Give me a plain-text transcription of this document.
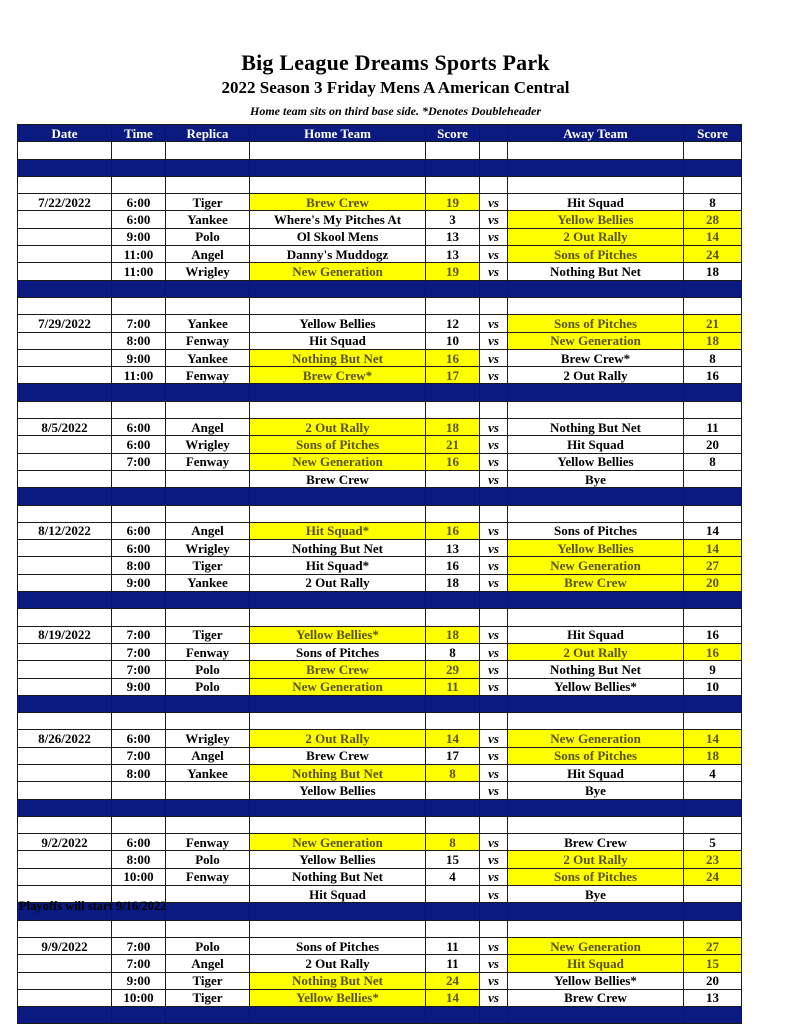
Big League Dreams Sports Park
2022 Season 3 Friday Mens A American Central
Home team sits on third base side. *Denotes Doubleheader
Date	Time	Replica	Home Team	Score		Away Team	Score

7/22/2022	6:00	Tiger	Brew Crew	19	vs	Hit Squad	8
	6:00	Yankee	Where's My Pitches At	3	vs	Yellow Bellies	28
	9:00	Polo	Ol Skool Mens	13	vs	2 Out Rally	14
	11:00	Angel	Danny's Muddogz	13	vs	Sons of Pitches	24
	11:00	Wrigley	New Generation	19	vs	Nothing But Net	18

7/29/2022	7:00	Yankee	Yellow Bellies	12	vs	Sons of Pitches	21
	8:00	Fenway	Hit Squad	10	vs	New Generation	18
	9:00	Yankee	Nothing But Net	16	vs	Brew Crew*	8
	11:00	Fenway	Brew Crew*	17	vs	2 Out Rally	16

8/5/2022	6:00	Angel	2 Out Rally	18	vs	Nothing But Net	11
	6:00	Wrigley	Sons of Pitches	21	vs	Hit Squad	20
	7:00	Fenway	New Generation	16	vs	Yellow Bellies	8
			Brew Crew		vs	Bye	

8/12/2022	6:00	Angel	Hit Squad*	16	vs	Sons of Pitches	14
	6:00	Wrigley	Nothing But Net	13	vs	Yellow Bellies	14
	8:00	Tiger	Hit Squad*	16	vs	New Generation	27
	9:00	Yankee	2 Out Rally	18	vs	Brew Crew	20

8/19/2022	7:00	Tiger	Yellow Bellies*	18	vs	Hit Squad	16
	7:00	Fenway	Sons of Pitches	8	vs	2 Out Rally	16
	7:00	Polo	Brew Crew	29	vs	Nothing But Net	9
	9:00	Polo	New Generation	11	vs	Yellow Bellies*	10

8/26/2022	6:00	Wrigley	2 Out Rally	14	vs	New Generation	14
	7:00	Angel	Brew Crew	17	vs	Sons of Pitches	18
	8:00	Yankee	Nothing But Net	8	vs	Hit Squad	4
			Yellow Bellies		vs	Bye	

9/2/2022	6:00	Fenway	New Generation	8	vs	Brew Crew	5
	8:00	Polo	Yellow Bellies	15	vs	2 Out Rally	23
	10:00	Fenway	Nothing But Net	4	vs	Sons of Pitches	24
			Hit Squad		vs	Bye	

9/9/2022	7:00	Polo	Sons of Pitches	11	vs	New Generation	27
	7:00	Angel	2 Out Rally	11	vs	Hit Squad	15
	9:00	Tiger	Nothing But Net	24	vs	Yellow Bellies*	20
	10:00	Tiger	Yellow Bellies*	14	vs	Brew Crew	13

Playoffs will start 9/16/2022
